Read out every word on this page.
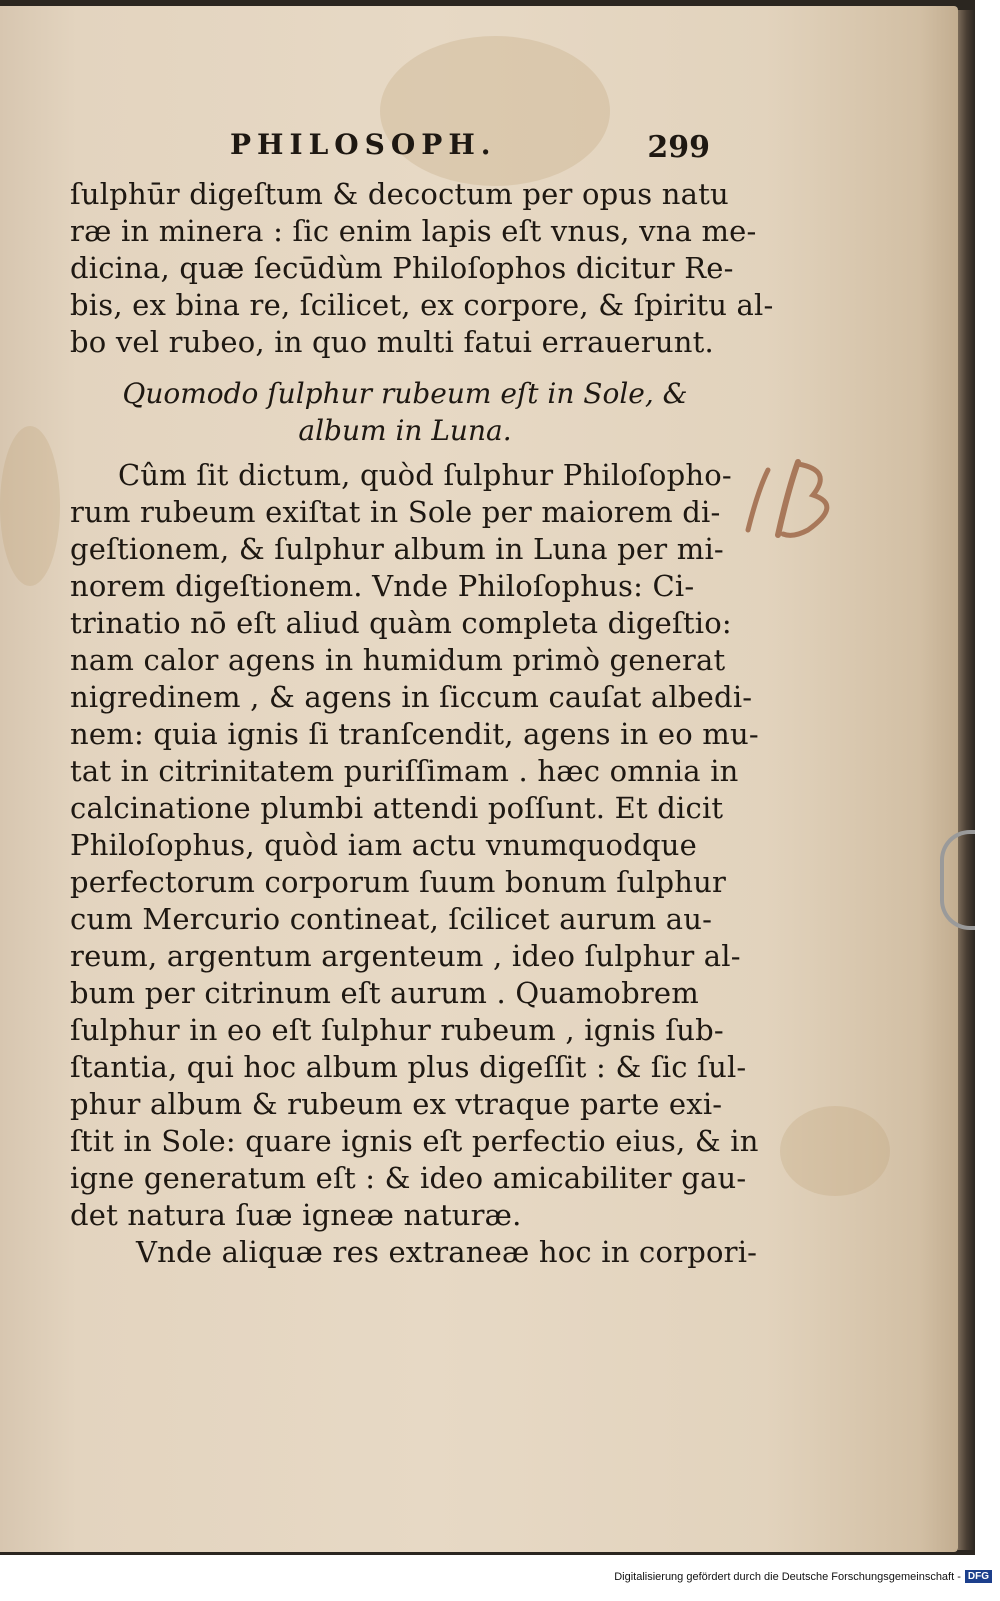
PHILOSOPH.	299
ſulphūr digeſtum & decoctum per opus natu
ræ in minera : ſic enim lapis eſt vnus, vna me-
dicina, quæ ſecūdùm Philoſophos dicitur Re-
bis, ex bina re, ſcilicet, ex corpore, & ſpiritu al-
bo vel rubeo, in quo multi fatui errauerunt.
Quomodo ſulphur rubeum eſt in Sole, &
album in Luna.
Cûm ſit dictum, quòd ſulphur Philoſopho-
rum rubeum exiſtat in Sole per maiorem di-
geſtionem, & ſulphur album in Luna per mi-
norem digeſtionem. Vnde Philoſophus: Ci-
trinatio nō eſt aliud quàm completa digeſtio:
nam calor agens in humidum primò generat
nigredinem , & agens in ſiccum cauſat albedi-
nem: quia ignis ſi tranſcendit, agens in eo mu-
tat in citrinitatem puriſſimam . hæc omnia in
calcinatione plumbi attendi poſſunt. Et dicit
Philoſophus, quòd iam actu vnumquodque
perfectorum corporum ſuum bonum ſulphur
cum Mercurio contineat, ſcilicet aurum au-
reum, argentum argenteum , ideo ſulphur al-
bum per citrinum eſt aurum . Quamobrem
ſulphur in eo eſt ſulphur rubeum , ignis ſub-
ſtantia, qui hoc album plus digeſſit : & ſic ſul-
phur album & rubeum ex vtraque parte exi-
ſtit in Sole: quare ignis eſt perfectio eius, & in
igne generatum eſt : & ideo amicabiliter gau-
det natura ſuæ igneæ naturæ.
Vnde aliquæ res extraneæ hoc in corpori-
Digitalisierung gefördert durch die Deutsche Forschungsgemeinschaft - DFG
